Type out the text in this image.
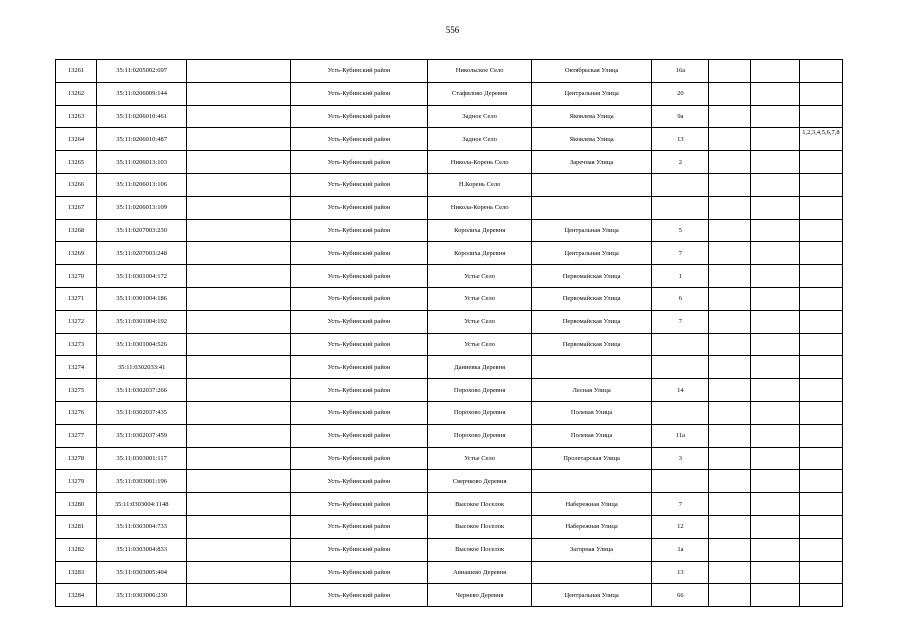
556
13261	35:11:0205002:697		Усть-Кубинский район	Никольское Село	Октябрьская Улица	16а			
13262	35:11:0206009:144		Усть-Кубинский район	Стафилово Деревня	Центральная Улица	20			
13263	35:11:0206010:461		Усть-Кубинский район	Задное Село	Яковлева Улица	9а			
13264	35:11:0206010:487		Усть-Кубинский район	Задное Село	Яковлева Улица	13			1,2,3,4,5,6,7,8
13265	35:11:0206013:103		Усть-Кубинский район	Никола-Корень Село	Заречная Улица	2			
13266	35:11:0206013:106		Усть-Кубинский район	Н.Корень Село					
13267	35:11:0206013:109		Усть-Кубинский район	Никола-Корень Село					
13268	35:11:0207003:230		Усть-Кубинский район	Королиха Деревня	Центральная Улица	5			
13269	35:11:0207003:248		Усть-Кубинский район	Королиха Деревня	Центральная Улица	7			
13270	35:11:0301004:172		Усть-Кубинский район	Устье Село	Первомайская Улица	1			
13271	35:11:0301004:186		Усть-Кубинский район	Устье Село	Первомайская Улица	6			
13272	35:11:0301004:192		Усть-Кубинский район	Устье Село	Первомайская Улица	7			
13273	35:11:0301004:526		Усть-Кубинский район	Устье Село	Первомайская Улица				
13274	35:11:0302033:41		Усть-Кубинский район	Даниевка Деревня					
13275	35:11:0302037:266		Усть-Кубинский район	Порохово Деревня	Лесная Улица	14			
13276	35:11:0302037:435		Усть-Кубинский район	Порохово Деревня	Полевая Улица				
13277	35:11:0302037:459		Усть-Кубинский район	Порохово Деревня	Полевая Улица	11а			
13278	35:11:0303001:117		Усть-Кубинский район	Устье Село	Пролетарская Улица	3			
13279	35:11:0303001:196		Усть-Кубинский район	Сверчково Деревня					
13280	35:11:0303004:1148		Усть-Кубинский район	Высокое Поселок	Набережная Улица	7			
13281	35:11:0303004:733		Усть-Кубинский район	Высокое Поселок	Набережная Улица	12			
13282	35:11:0303004:833		Усть-Кубинский район	Высокое Поселок	Загорная Улица	1а			
13283	35:11:0303005:404		Усть-Кубинский район	Авнашево Деревня		13			
13284	35:11:0303006:230		Усть-Кубинский район	Чернево Деревня	Центральная Улица	66			
